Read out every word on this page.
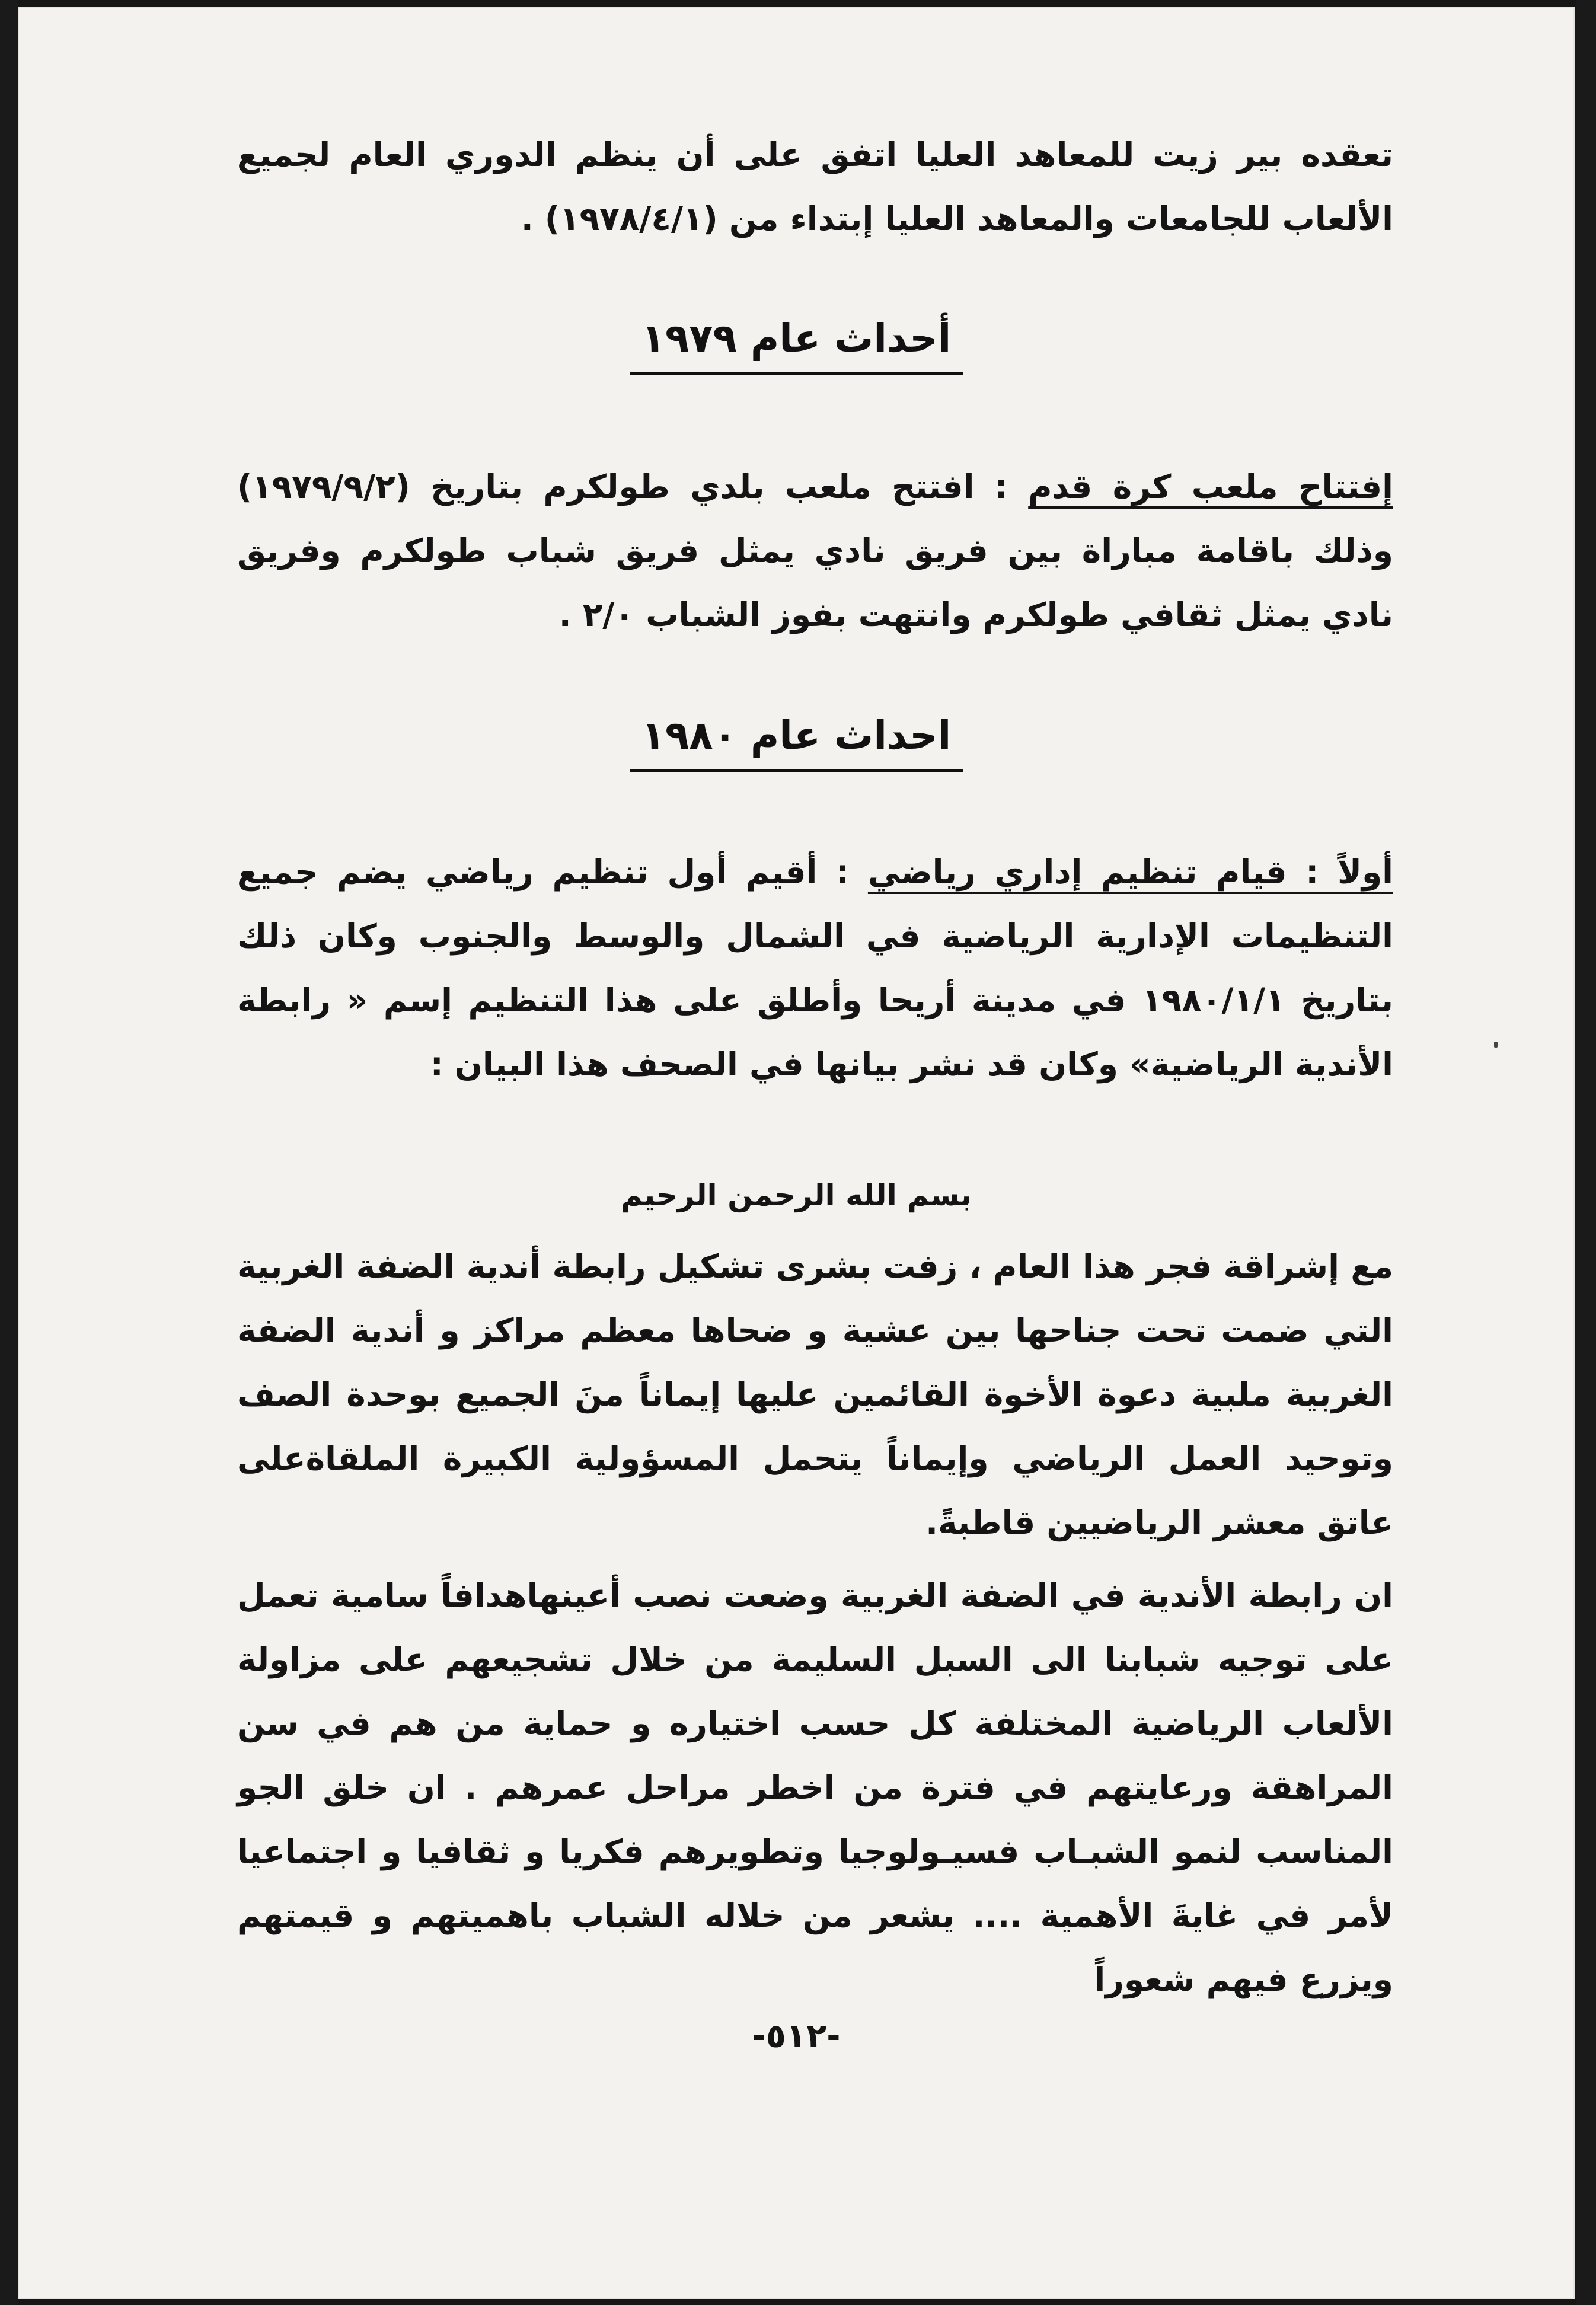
تعقده بير زيت للمعاهد العليا اتفق على أن ينظم الدوري العام لجميع الألعاب للجامعات والمعاهد العليا إبتداء من (١٩٧٨/٤/١) .

أحداث عام ١٩٧٩

إفتتاح ملعب كرة قدم : افتتح ملعب بلدي طولكرم بتاريخ (١٩٧٩/٩/٢) وذلك باقامة مباراة بين فريق نادي يمثل فريق شباب طولكرم وفريق نادي يمثل ثقافي طولكرم وانتهت بفوز الشباب ٢/٠ .

احداث عام ١٩٨٠

أولاً : قيام تنظيم إداري رياضي : أقيم أول تنظيم رياضي يضم جميع التنظيمات الإدارية الرياضية في الشمال والوسط والجنوب وكان ذلك بتاريخ ١٩٨٠/١/١ في مدينة أريحا وأطلق على هذا التنظيم إسم « رابطة الأندية الرياضية» وكان قد نشر بيانها في الصحف هذا البيان :

بسم الله الرحمن الرحيم

مع إشراقة فجر هذا العام ، زفت بشرى تشكيل رابطة أندية الضفة الغربية التي ضمت تحت جناحها بين عشية و ضحاها معظم مراكز و أندية الضفة الغربية ملبية دعوة الأخوة القائمين عليها إيماناً منَ الجميع بوحدة الصف وتوحيد العمل الرياضي وإيماناً يتحمل المسؤولية الكبيرة الملقاةعلى عاتق معشر الرياضيين قاطبةً.

ان رابطة الأندية في الضفة الغربية وضعت نصب أعينهاهدافاً سامية تعمل على توجيه شبابنا الى السبل السليمة من خلال تشجيعهم على مزاولة الألعاب الرياضية المختلفة كل حسب اختياره و حماية من هم في سن المراهقة ورعايتهم في فترة من اخطر مراحل عمرهم . ان خلق الجو المناسب لنمو الشبـاب فسيـولوجيا وتطويرهم فكريا و ثقافيا و اجتماعيا لأمر في غايةَ الأهمية .... يشعر من خلاله الشباب باهميتهم و قيمتهم ويزرع فيهم شعوراً

-٥١٢-
